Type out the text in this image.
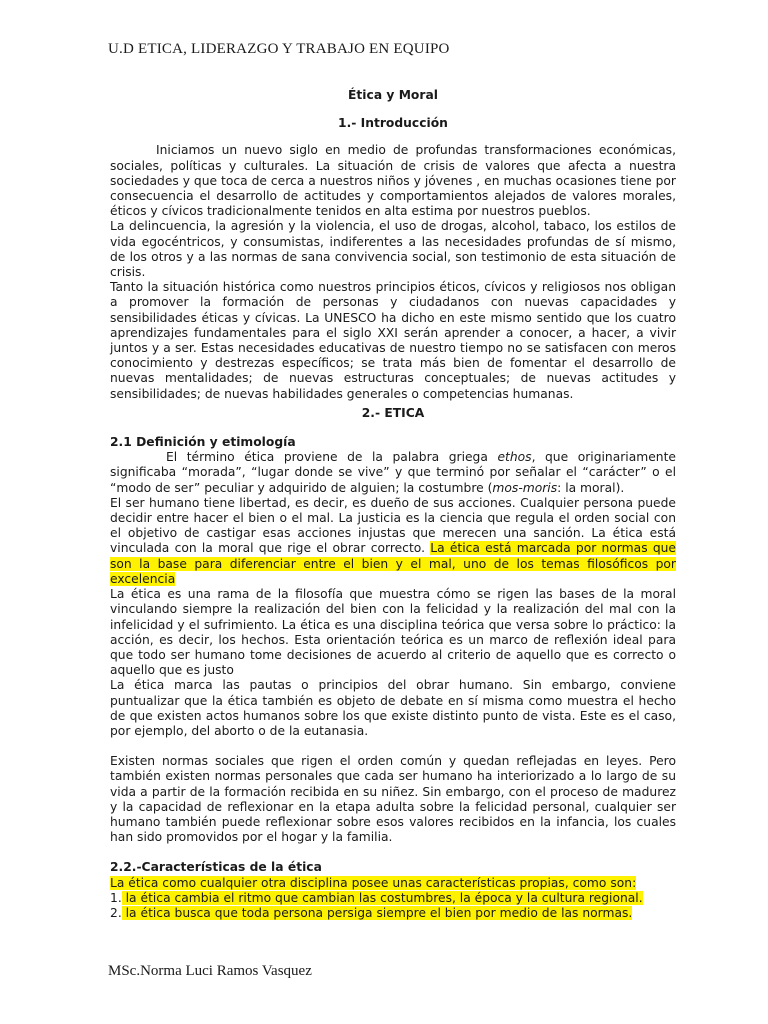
U.D ETICA, LIDERAZGO Y TRABAJO EN EQUIPO

Ética y Moral

1.- Introducción

Iniciamos un nuevo siglo en medio de profundas transformaciones económicas, sociales, políticas y culturales. La situación de crisis de valores que afecta a nuestra sociedades y que toca de cerca a nuestros niños y jóvenes , en muchas ocasiones tiene por consecuencia el desarrollo de actitudes y comportamientos alejados de valores morales, éticos y cívicos tradicionalmente tenidos en alta estima por nuestros pueblos.

La delincuencia, la agresión y la violencia, el uso de drogas, alcohol, tabaco, los estilos de vida egocéntricos, y consumistas, indiferentes a las necesidades profundas de sí mismo, de los otros y a las normas de sana convivencia social, son testimonio de esta situación de crisis.

Tanto la situación histórica como nuestros principios éticos, cívicos y religiosos nos obligan a promover la formación de personas y ciudadanos con nuevas capacidades y sensibilidades éticas y cívicas. La UNESCO ha dicho en este mismo sentido que los cuatro aprendizajes fundamentales para el siglo XXI serán aprender a conocer, a hacer, a vivir juntos y a ser. Estas necesidades educativas de nuestro tiempo no se satisfacen con meros conocimiento y destrezas específicos; se trata más bien de fomentar el desarrollo de nuevas mentalidades; de nuevas estructuras conceptuales; de nuevas actitudes y sensibilidades; de nuevas habilidades generales o competencias humanas.

2.- ETICA

2.1 Definición y etimología

El término ética proviene de la palabra griega ethos, que originariamente significaba “morada”, “lugar donde se vive” y que terminó por señalar el “carácter” o el “modo de ser” peculiar y adquirido de alguien; la costumbre (mos-moris: la moral).

El ser humano tiene libertad, es decir, es dueño de sus acciones. Cualquier persona puede decidir entre hacer el bien o el mal. La justicia es la ciencia que regula el orden social con el objetivo de castigar esas acciones injustas que merecen una sanción. La ética está vinculada con la moral que rige el obrar correcto. La ética está marcada por normas que son la base para diferenciar entre el bien y el mal, uno de los temas filosóficos por excelencia

La ética es una rama de la filosofía que muestra cómo se rigen las bases de la moral vinculando siempre la realización del bien con la felicidad y la realización del mal con la infelicidad y el sufrimiento. La ética es una disciplina teórica que versa sobre lo práctico: la acción, es decir, los hechos. Esta orientación teórica es un marco de reflexión ideal para que todo ser humano tome decisiones de acuerdo al criterio de aquello que es correcto o aquello que es justo

La ética marca las pautas o principios del obrar humano. Sin embargo, conviene puntualizar que la ética también es objeto de debate en sí misma como muestra el hecho de que existen actos humanos sobre los que existe distinto punto de vista. Este es el caso, por ejemplo, del aborto o de la eutanasia.

Existen normas sociales que rigen el orden común y quedan reflejadas en leyes. Pero también existen normas personales que cada ser humano ha interiorizado a lo largo de su vida a partir de la formación recibida en su niñez. Sin embargo, con el proceso de madurez y la capacidad de reflexionar en la etapa adulta sobre la felicidad personal, cualquier ser humano también puede reflexionar sobre esos valores recibidos en la infancia, los cuales han sido promovidos por el hogar y la familia.

2.2.-Características de la ética

La ética como cualquier otra disciplina posee unas características propias, como son:

1. la ética cambia el ritmo que cambian las costumbres, la época y la cultura regional.

2. la ética busca que toda persona persiga siempre el bien por medio de las normas.

MSc.Norma Luci Ramos Vasquez
